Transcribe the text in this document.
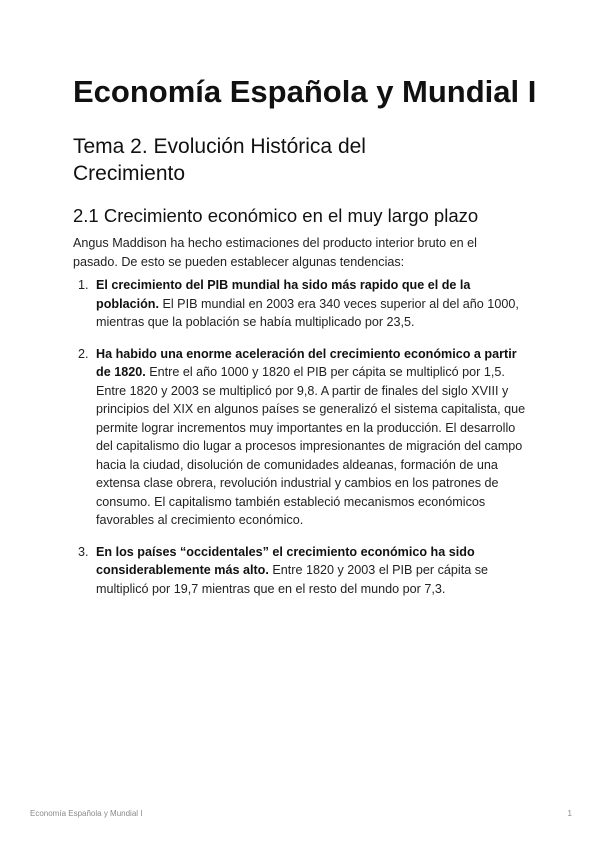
Economía Española y Mundial I
Tema 2. Evolución Histórica del Crecimiento
2.1 Crecimiento económico en el muy largo plazo

Angus Maddison ha hecho estimaciones del producto interior bruto en el pasado. De esto se pueden establecer algunas tendencias:

1. El crecimiento del PIB mundial ha sido más rapido que el de la población. El PIB mundial en 2003 era 340 veces superior al del año 1000, mientras que la población se había multiplicado por 23,5.
2. Ha habido una enorme aceleración del crecimiento económico a partir de 1820. Entre el año 1000 y 1820 el PIB per cápita se multiplicó por 1,5. Entre 1820 y 2003 se multiplicó por 9,8. A partir de finales del siglo XVIII y principios del XIX en algunos países se generalizó el sistema capitalista, que permite lograr incrementos muy importantes en la producción. El desarrollo del capitalismo dio lugar a procesos impresionantes de migración del campo hacia la ciudad, disolución de comunidades aldeanas, formación de una extensa clase obrera, revolución industrial y cambios en los patrones de consumo. El capitalismo también estableció mecanismos económicos favorables al crecimiento económico.
3. En los países “occidentales” el crecimiento económico ha sido considerablemente más alto. Entre 1820 y 2003 el PIB per cápita se multiplicó por 19,7 mientras que en el resto del mundo por 7,3.
Economía Española y Mundial I	1
